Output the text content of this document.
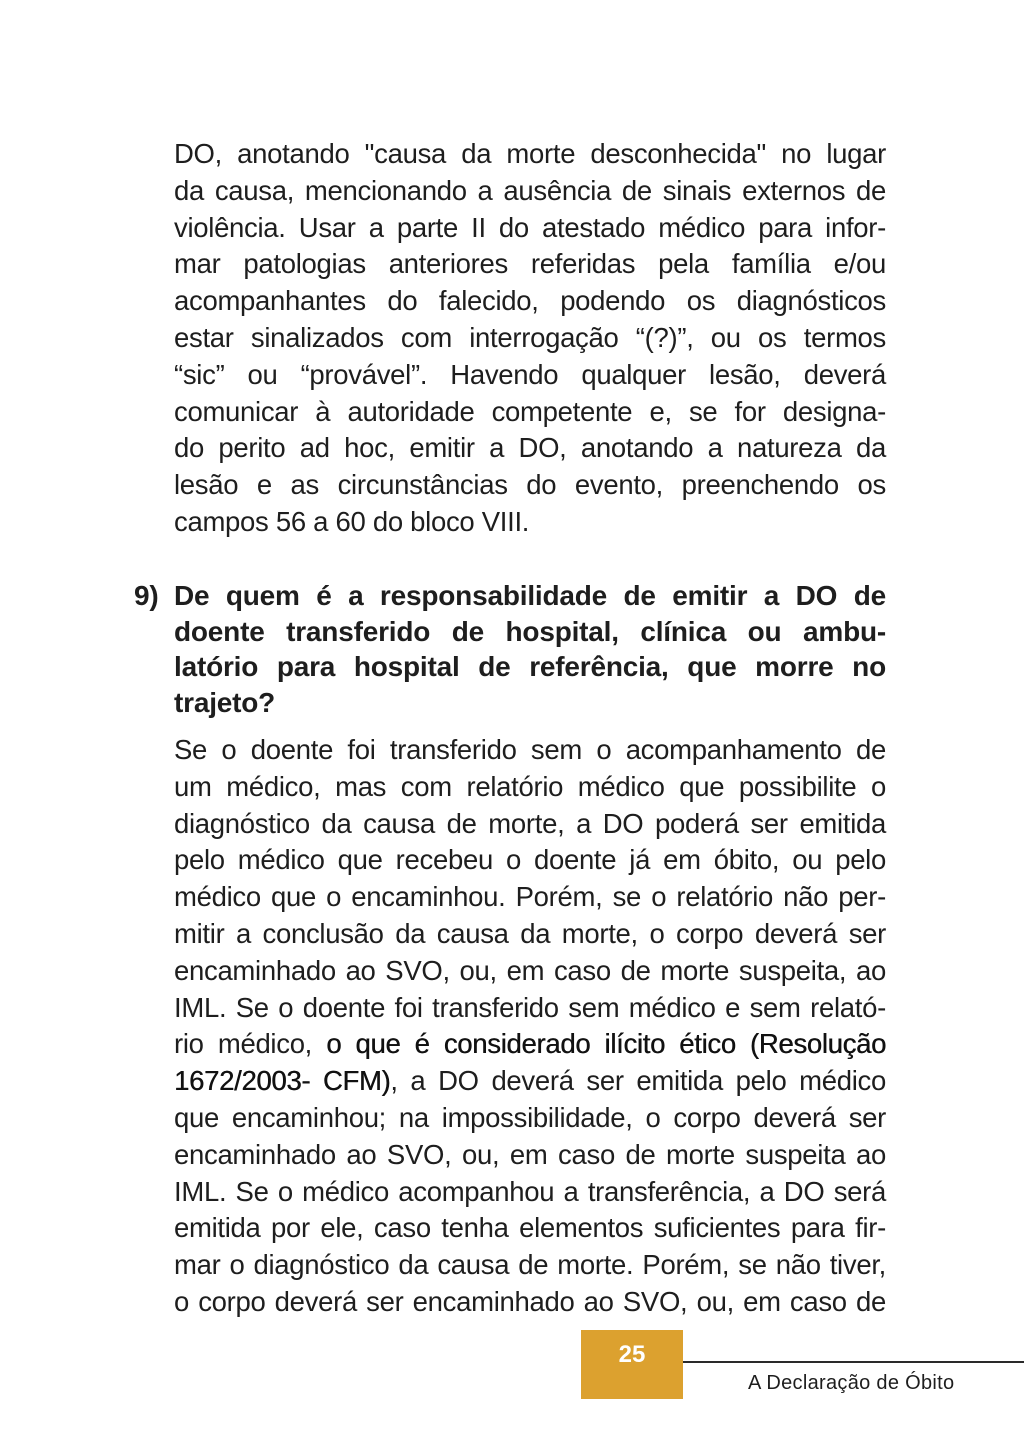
DO, anotando "causa da morte desconhecida" no lugar
da causa, mencionando a ausência de sinais externos de
violência. Usar a parte II do atestado médico para infor-
mar patologias anteriores referidas pela família e/ou
acompanhantes do falecido, podendo os diagnósticos
estar sinalizados com interrogação “(?)”, ou os termos
“sic” ou “provável”. Havendo qualquer lesão, deverá
comunicar à autoridade competente e, se for designa-
do perito ad hoc, emitir a DO, anotando a natureza da
lesão e as circunstâncias do evento, preenchendo os
campos 56 a 60 do bloco VIII.
9) De quem é a responsabilidade de emitir a DO de
doente transferido de hospital, clínica ou ambu-
latório para hospital de referência, que morre no
trajeto?
Se o doente foi transferido sem o acompanhamento de
um médico, mas com relatório médico que possibilite o
diagnóstico da causa de morte, a DO poderá ser emitida
pelo médico que recebeu o doente já em óbito, ou pelo
médico que o encaminhou. Porém, se o relatório não per-
mitir a conclusão da causa da morte, o corpo deverá ser
encaminhado ao SVO, ou, em caso de morte suspeita, ao
IML. Se o doente foi transferido sem médico e sem relató-
rio médico, o que é considerado ilícito ético (Resolução
1672/2003- CFM), a DO deverá ser emitida pelo médico
que encaminhou; na impossibilidade, o corpo deverá ser
encaminhado ao SVO, ou, em caso de morte suspeita ao
IML. Se o médico acompanhou a transferência, a DO será
emitida por ele, caso tenha elementos suficientes para fir-
mar o diagnóstico da causa de morte. Porém, se não tiver,
o corpo deverá ser encaminhado ao SVO, ou, em caso de
25
A Declaração de Óbito
